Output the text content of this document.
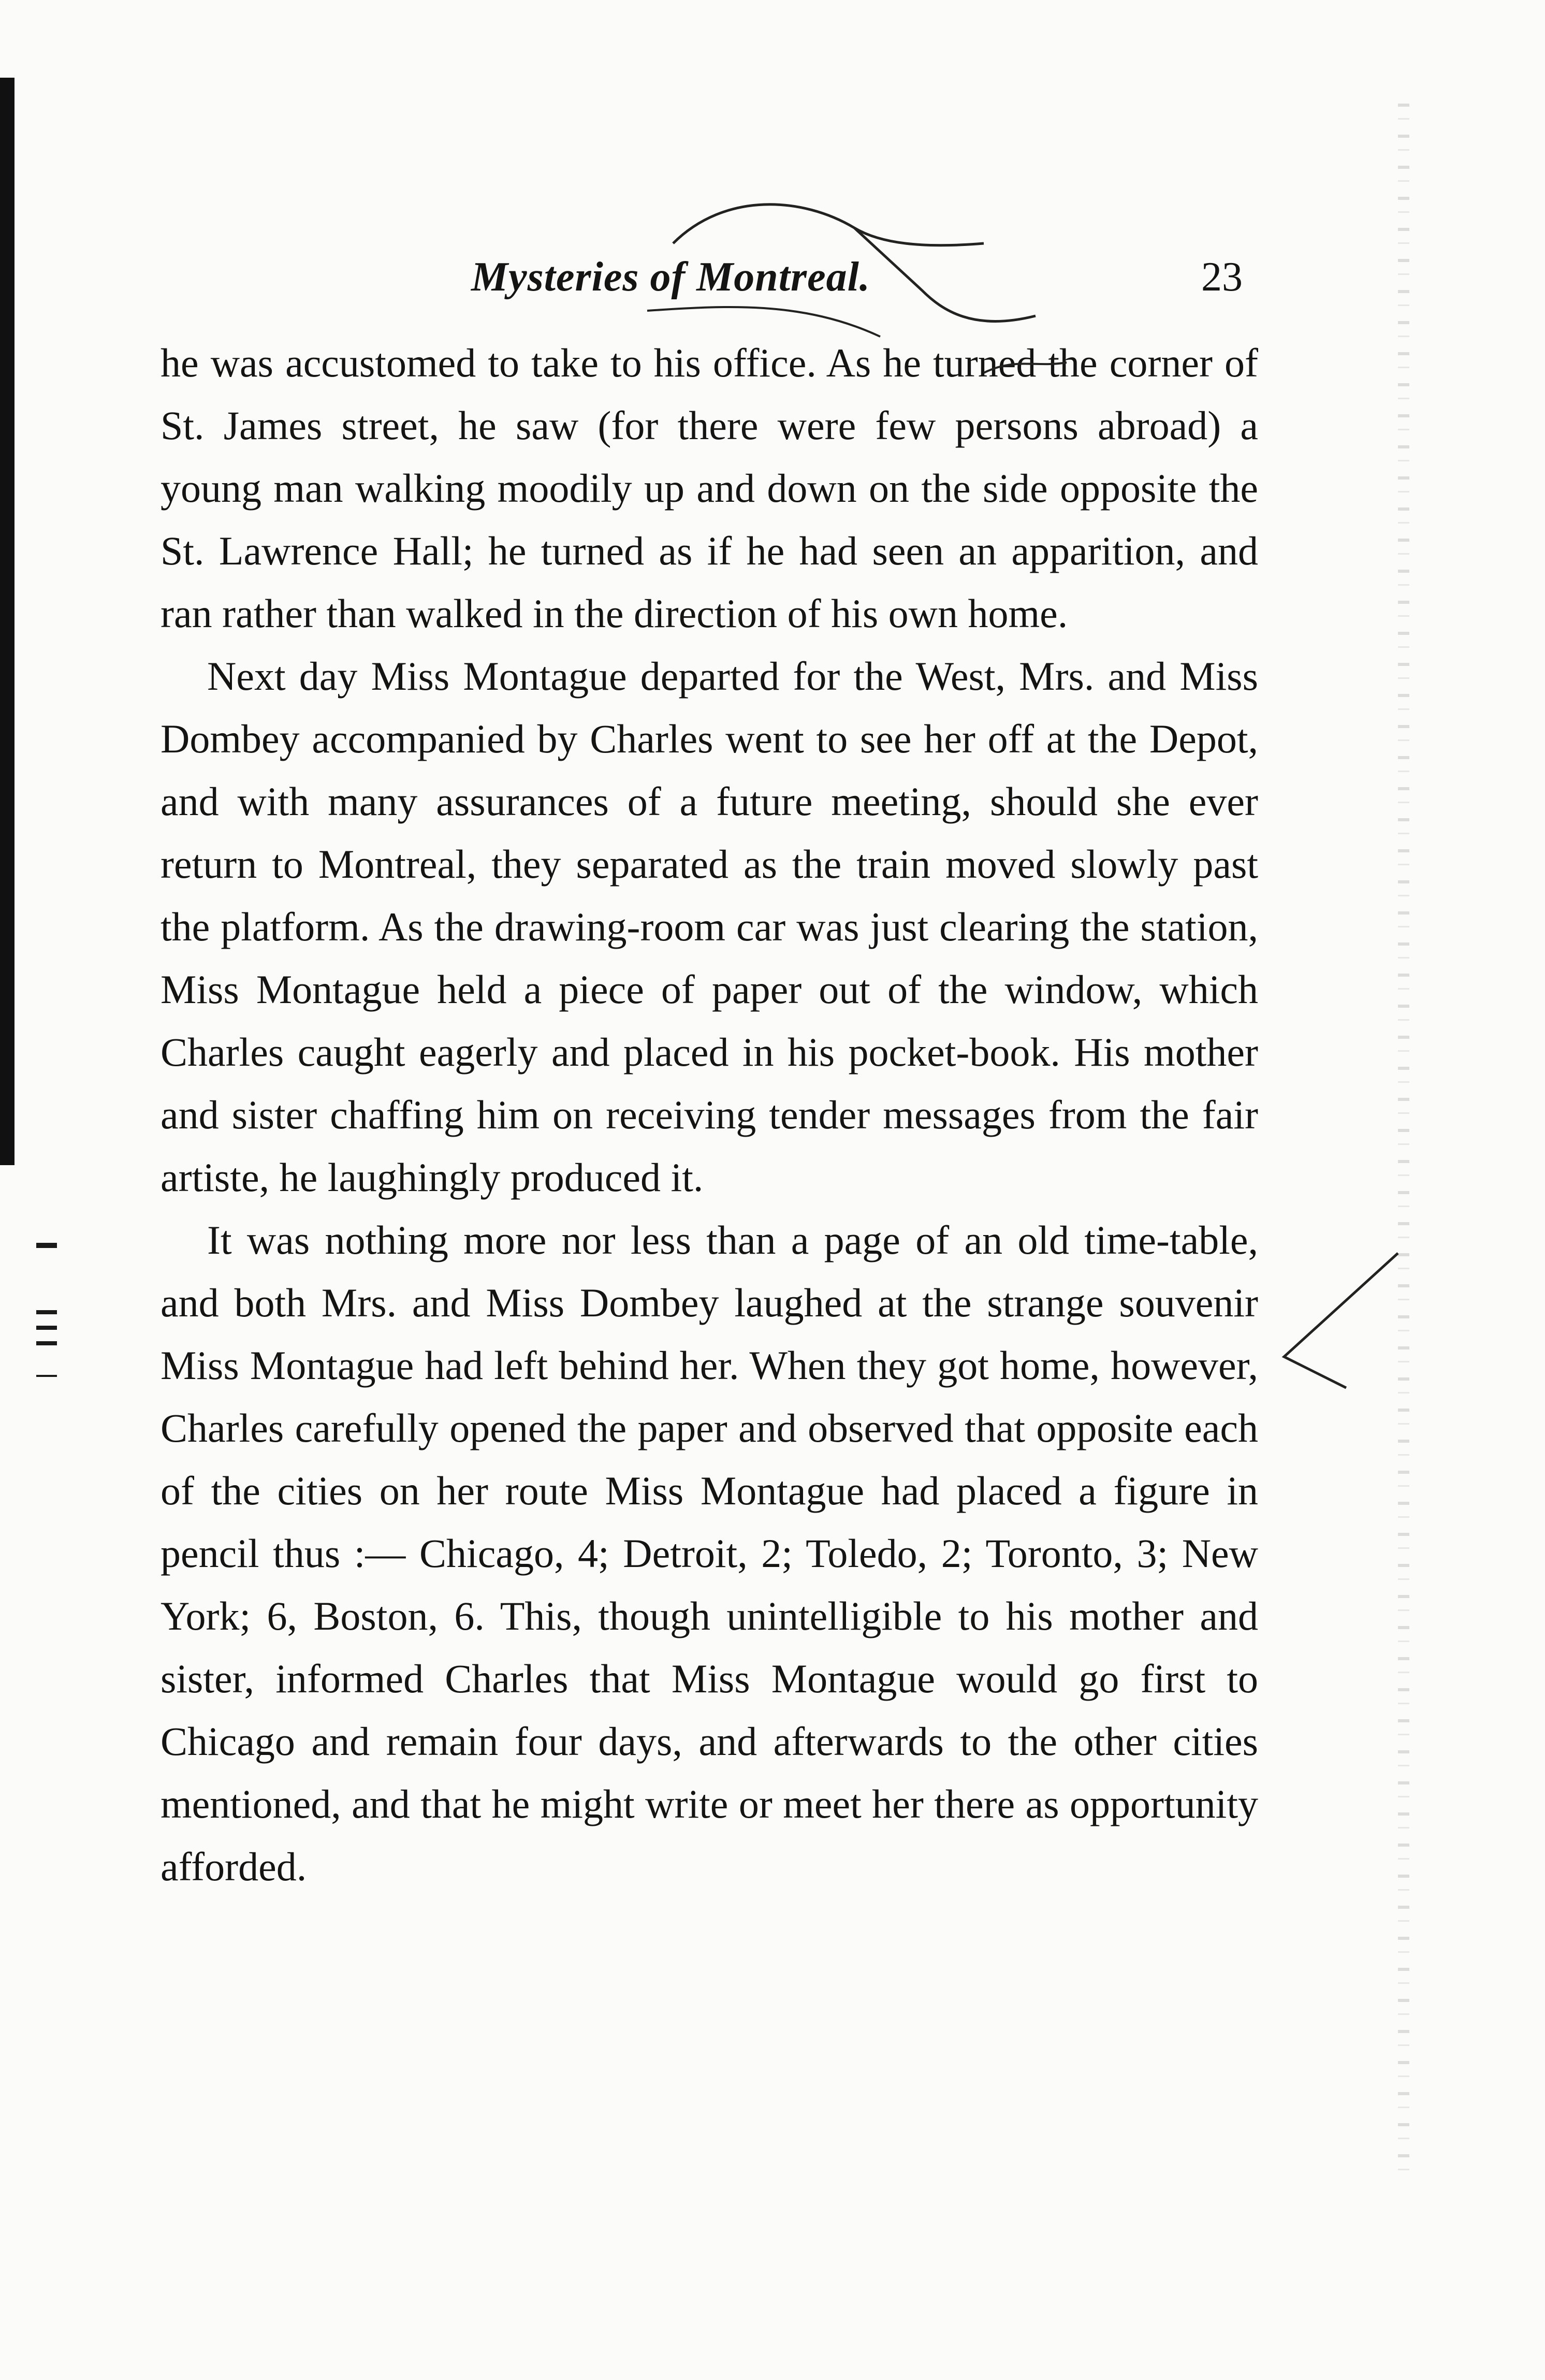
Mysteries of Montreal.	23

he was accustomed to take to his office. As he turned the corner of St. James street, he saw (for there were few persons abroad) a young man walking moodily up and down on the side opposite the St. Lawrence Hall; he turned as if he had seen an apparition, and ran rather than walked in the direction of his own home.

Next day Miss Montague departed for the West, Mrs. and Miss Dombey accompanied by Charles went to see her off at the Depot, and with many assurances of a future meeting, should she ever return to Montreal, they separated as the train moved slowly past the platform. As the drawing-room car was just clearing the station, Miss Montague held a piece of paper out of the window, which Charles caught eagerly and placed in his pocket-book. His mother and sister chaffing him on receiving tender messages from the fair artiste, he laughingly produced it.

It was nothing more nor less than a page of an old time-table, and both Mrs. and Miss Dombey laughed at the strange souvenir Miss Montague had left behind her. When they got home, however, Charles carefully opened the paper and observed that opposite each of the cities on her route Miss Montague had placed a figure in pencil thus :— Chicago, 4; Detroit, 2; Toledo, 2; Toronto, 3; New York; 6, Boston, 6. This, though unintelligible to his mother and sister, informed Charles that Miss Montague would go first to Chicago and remain four days, and afterwards to the other cities mentioned, and that he might write or meet her there as opportunity afforded.
